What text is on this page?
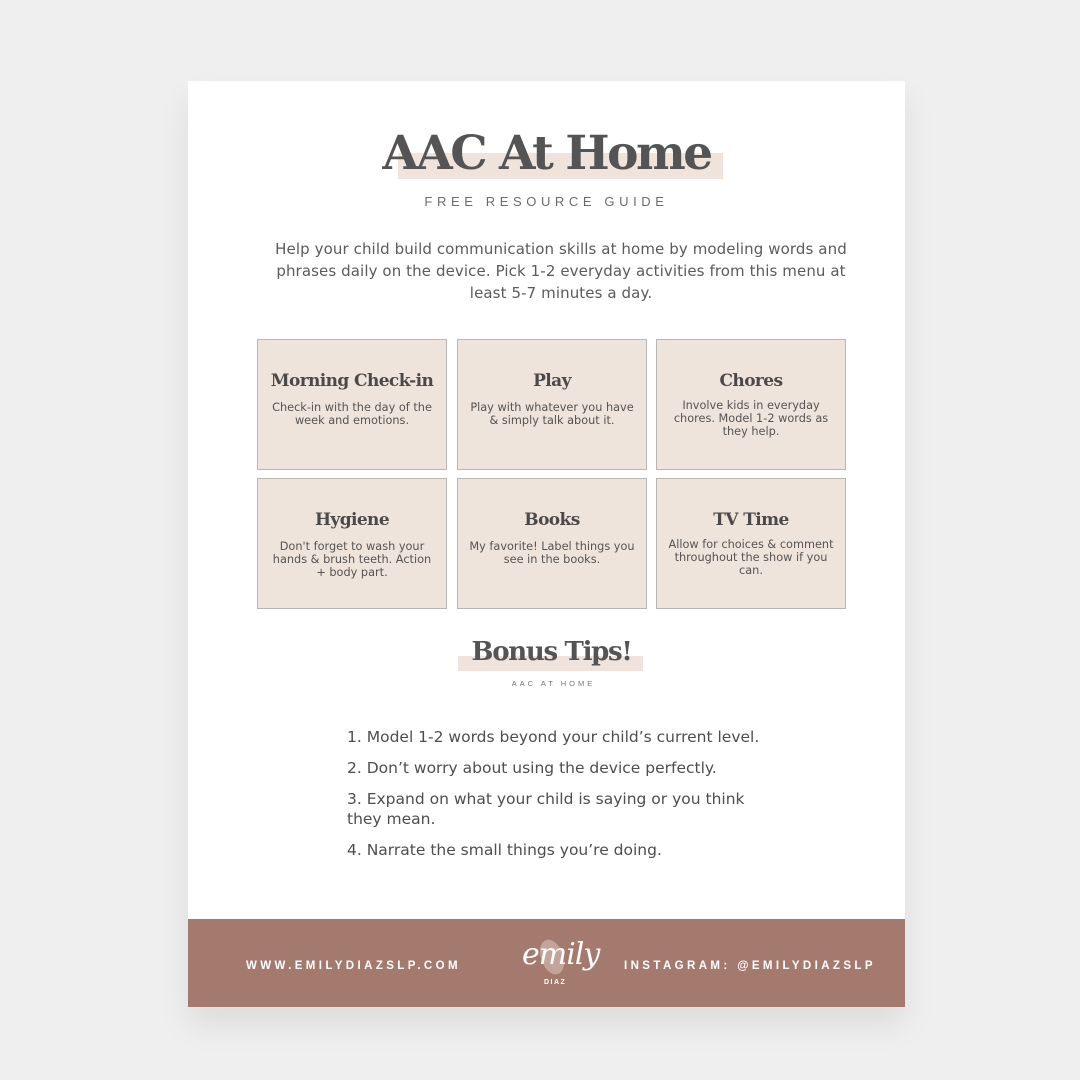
AAC At Home
FREE RESOURCE GUIDE
Help your child build communication skills at home by modeling words and phrases daily on the device. Pick 1-2 everyday activities from this menu at least 5-7 minutes a day.
Morning Check-in
Check-in with the day of the week and emotions.
Play
Play with whatever you have & simply talk about it.
Chores
Involve kids in everyday chores. Model 1-2 words as they help.
Hygiene
Don't forget to wash your hands & brush teeth. Action + body part.
Books
My favorite! Label things you see in the books.
TV Time
Allow for choices & comment throughout the show if you can.
Bonus Tips!
AAC AT HOME
1. Model 1-2 words beyond your child’s current level.
2. Don’t worry about using the device perfectly.
3. Expand on what your child is saying or you think they mean.
4. Narrate the small things you’re doing.
WWW.EMILYDIAZSLP.COM emily
DIAZ
INSTAGRAM: @EMILYDIAZSLP
